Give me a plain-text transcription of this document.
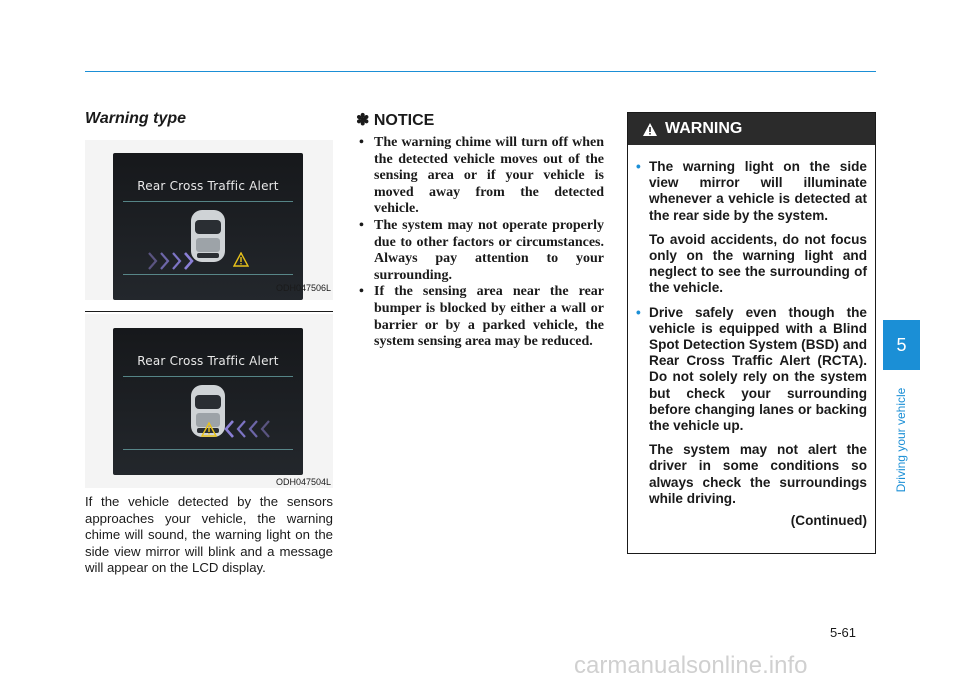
Warning type
Rear Cross Traffic Alert
ODH047506L
Rear Cross Traffic Alert
ODH047504L
If the vehicle detected by the sensors approaches your vehicle, the warning chime will sound, the warning light on the side view mirror will blink and a message will appear on the LCD display.
✽ NOTICE
• The warning chime will turn off when the detected vehicle moves out of the sensing area or if your vehicle is moved away from the detected vehicle.
• The system may not operate properly due to other factors or circumstances. Always pay attention to your surrounding.
• If the sensing area near the rear bumper is blocked by either a wall or barrier or by a parked vehicle, the system sensing area may be reduced.
WARNING
• The warning light on the side view mirror will illuminate whenever a vehicle is detected at the rear side by the system.

To avoid accidents, do not focus only on the warning light and neglect to see the surrounding of the vehicle.

• Drive safely even though the vehicle is equipped with a Blind Spot Detection System (BSD) and Rear Cross Traffic Alert (RCTA). Do not solely rely on the system but check your surrounding before changing lanes or backing the vehicle up.

The system may not alert the driver in some conditions so always check the surroundings while driving.

(Continued)
5
Driving your vehicle
5-61
carmanualsonline.info
